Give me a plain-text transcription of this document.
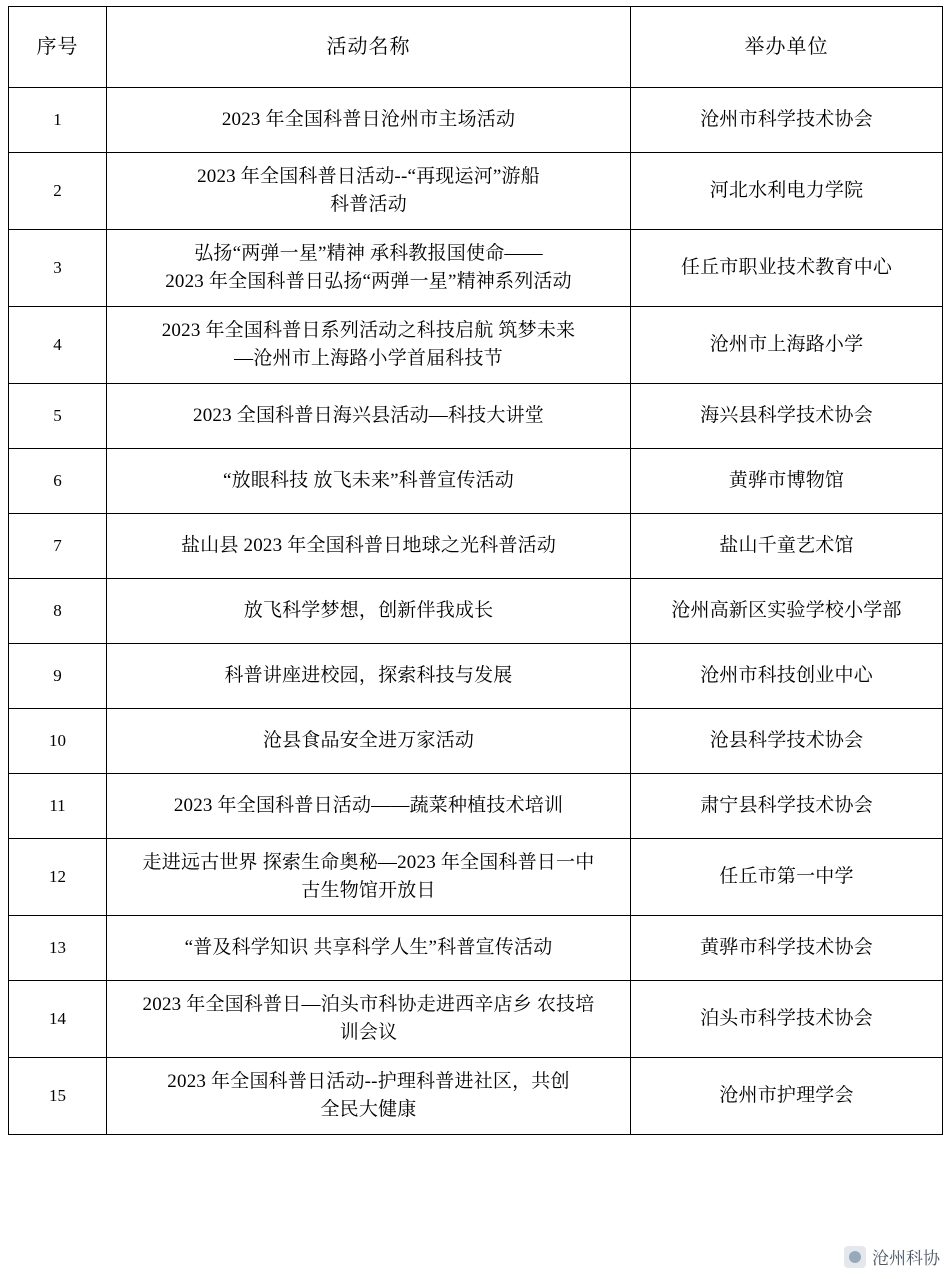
序号	活动名称	举办单位
1	2023 年全国科普日沧州市主场活动	沧州市科学技术协会
2	2023 年全国科普日活动--“再现运河”游船
科普活动	河北水利电力学院
3	弘扬“两弹一星”精神 承科教报国使命——
2023 年全国科普日弘扬“两弹一星”精神系列活动	任丘市职业技术教育中心
4	2023 年全国科普日系列活动之科技启航 筑梦未来
—沧州市上海路小学首届科技节	沧州市上海路小学
5	2023 全国科普日海兴县活动—科技大讲堂	海兴县科学技术协会
6	“放眼科技 放飞未来”科普宣传活动	黄骅市博物馆
7	盐山县 2023 年全国科普日地球之光科普活动	盐山千童艺术馆
8	放飞科学梦想，创新伴我成长	沧州高新区实验学校小学部
9	科普讲座进校园，探索科技与发展	沧州市科技创业中心
10	沧县食品安全进万家活动	沧县科学技术协会
11	2023 年全国科普日活动——蔬菜种植技术培训	肃宁县科学技术协会
12	走进远古世界 探索生命奥秘—2023 年全国科普日一中
古生物馆开放日	任丘市第一中学
13	“普及科学知识 共享科学人生”科普宣传活动	黄骅市科学技术协会
14	2023 年全国科普日—泊头市科协走进西辛店乡 农技培
训会议	泊头市科学技术协会
15	2023 年全国科普日活动--护理科普进社区，共创
全民大健康	沧州市护理学会
沧州科协
